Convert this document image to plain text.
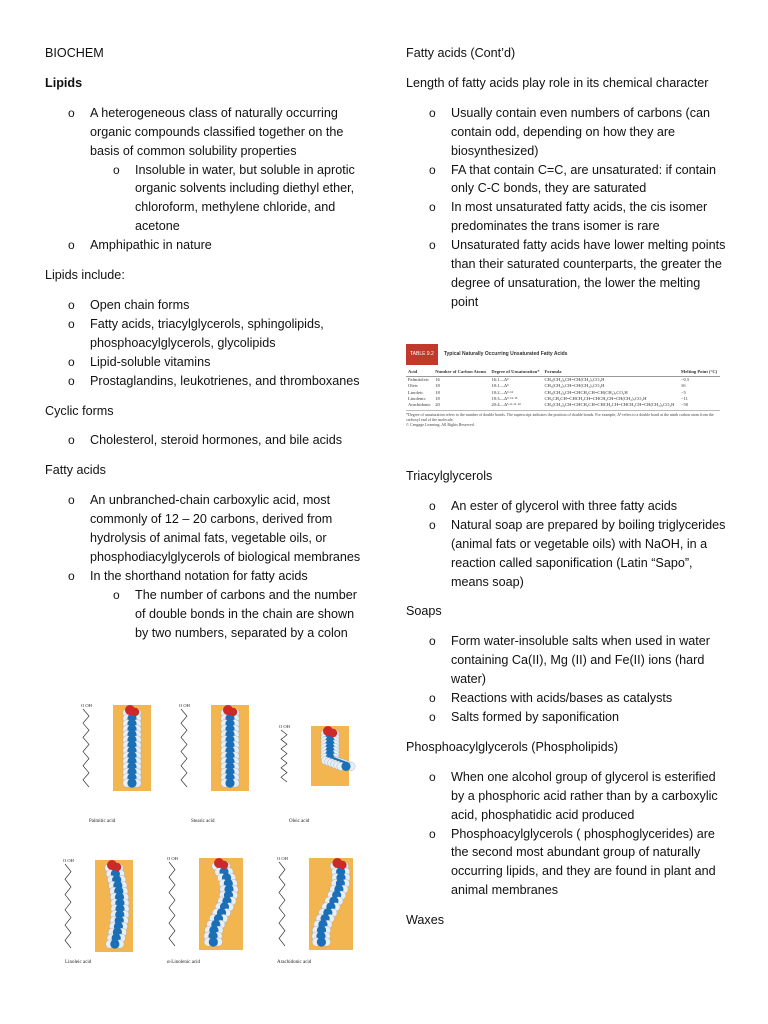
BIOCHEM

Lipids

o A heterogeneous class of naturally occurring organic compounds classified together on the basis of common solubility properties
o Insoluble in water, but soluble in aprotic organic solvents including diethyl ether, chloroform, methylene chloride, and acetone
o Amphipathic in nature

Lipids include:

o Open chain forms
o Fatty acids, triacylglycerols, sphingolipids, phosphoacylglycerols, glycolipids
o Lipid-soluble vitamins
o Prostaglandins, leukotrienes, and thromboxanes

Cyclic forms

o Cholesterol, steroid hormones, and bile acids

Fatty acids

o An unbranched-chain carboxylic acid, most commonly of 12 – 20 carbons, derived from hydrolysis of animal fats, vegetable oils, or phosphodiacylglycerols of biological membranes
o In the shorthand notation for fatty acids
o The number of carbons and the number of double bonds in the chain are shown by two numbers, separated by a colon
O OH	O OH
O OH
O OH	O OH	O OH
Palmitic acid	Stearic acid	Oleic acid
Linoleic acid	α-Linolenic acid	Arachidonic acid

Fatty acids (Cont’d)

Length of fatty acids play role in its chemical character

o Usually contain even numbers of carbons (can contain odd, depending on how they are biosynthesized)
o FA that contain C=C, are unsaturated: if contain only C-C bonds, they are saturated
o In most unsaturated fatty acids, the cis isomer predominates the trans isomer is rare
o Unsaturated fatty acids have lower melting points than their saturated counterparts, the greater the degree of unsaturation, the lower the melting point
TABLE 9.2	Typical Naturally Occurring Unsaturated Fatty Acids
Acid	Number of Carbon Atoms	Degree of Unsaturation*	Formula	Melting Point (°C)
Palmitoleic	16	16:1—Δ⁹	CH₃(CH₂)₅CH=CH(CH₂)₇CO₂H	−0.5
Oleic	18	18:1—Δ⁹	CH₃(CH₂)₇CH=CH(CH₂)₇CO₂H	16
Linoleic	18	18:2—Δ⁹·¹²	CH₃(CH₂)₄CH=CHCH₂CH=CH(CH₂)₇CO₂H	−5
Linolenic	18	18:3—Δ⁹·¹²·¹⁵	CH₃CH₂CH=CHCH₂CH=CHCH₂CH=CH(CH₂)₇CO₂H	−11
Arachidonic	20	20:4—Δ⁵·⁸·¹¹·¹⁴	CH₃(CH₂)₄CH=CHCH₂CH=CHCH₂CH=CHCH₂CH=CH(CH₂)₃CO₂H	−50
*Degree of unsaturation refers to the number of double bonds. The superscript indicates the position of double bonds. For example, Δ⁹ refers to a double bond at the ninth carbon atom from the carboxyl end of the molecule.
© Cengage Learning. All Rights Reserved.

Triacylglycerols

o An ester of glycerol with three fatty acids
o Natural soap are prepared by boiling triglycerides (animal fats or vegetable oils) with NaOH, in a reaction called saponification (Latin “Sapo”, means soap)

Soaps

o Form water-insoluble salts when used in water containing Ca(II), Mg (II) and Fe(II) ions (hard water)
o Reactions with acids/bases as catalysts
o Salts formed by saponification

Phosphoacylglycerols (Phospholipids)

o When one alcohol group of glycerol is esterified by a phosphoric acid rather than by a carboxylic acid, phosphatidic acid produced
o Phosphoacylglycerols ( phosphoglycerides) are the second most abundant group of naturally occurring lipids, and they are found in plant and animal membranes

Waxes
